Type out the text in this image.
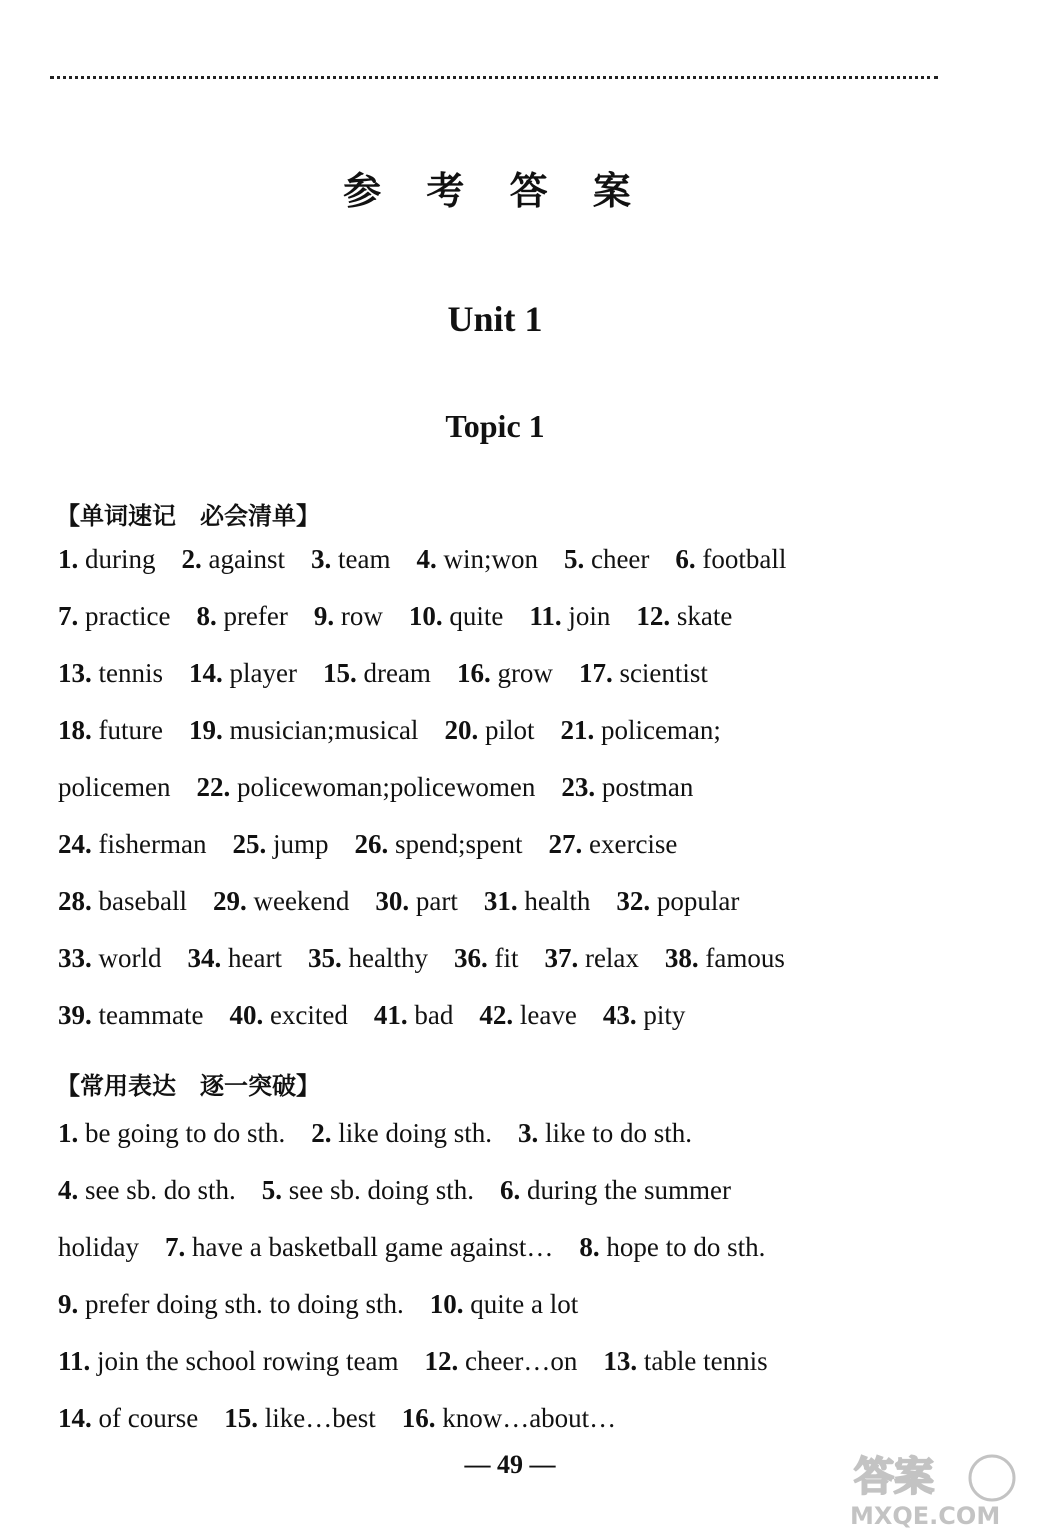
参 考 答 案
Unit 1
Topic 1
【单词速记　必会清单】
1. during 2. against 3. team 4. win;won 5. cheer 6. football
7. practice 8. prefer 9. row 10. quite 11. join 12. skate
13. tennis 14. player 15. dream 16. grow 17. scientist
18. future 19. musician;musical 20. pilot 21. policeman;
policemen 22. policewoman;policewomen 23. postman
24. fisherman 25. jump 26. spend;spent 27. exercise
28. baseball 29. weekend 30. part 31. health 32. popular
33. world 34. heart 35. healthy 36. fit 37. relax 38. famous
39. teammate 40. excited 41. bad 42. leave 43. pity
【常用表达　逐一突破】
1. be going to do sth. 2. like doing sth. 3. like to do sth.
4. see sb. do sth. 5. see sb. doing sth. 6. during the summer
holiday 7. have a basketball game against… 8. hope to do sth.
9. prefer doing sth. to doing sth. 10. quite a lot
11. join the school rowing team 12. cheer…on 13. table tennis
14. of course 15. like…best 16. know…about…
— 49 —	答案
MXQE.COM
